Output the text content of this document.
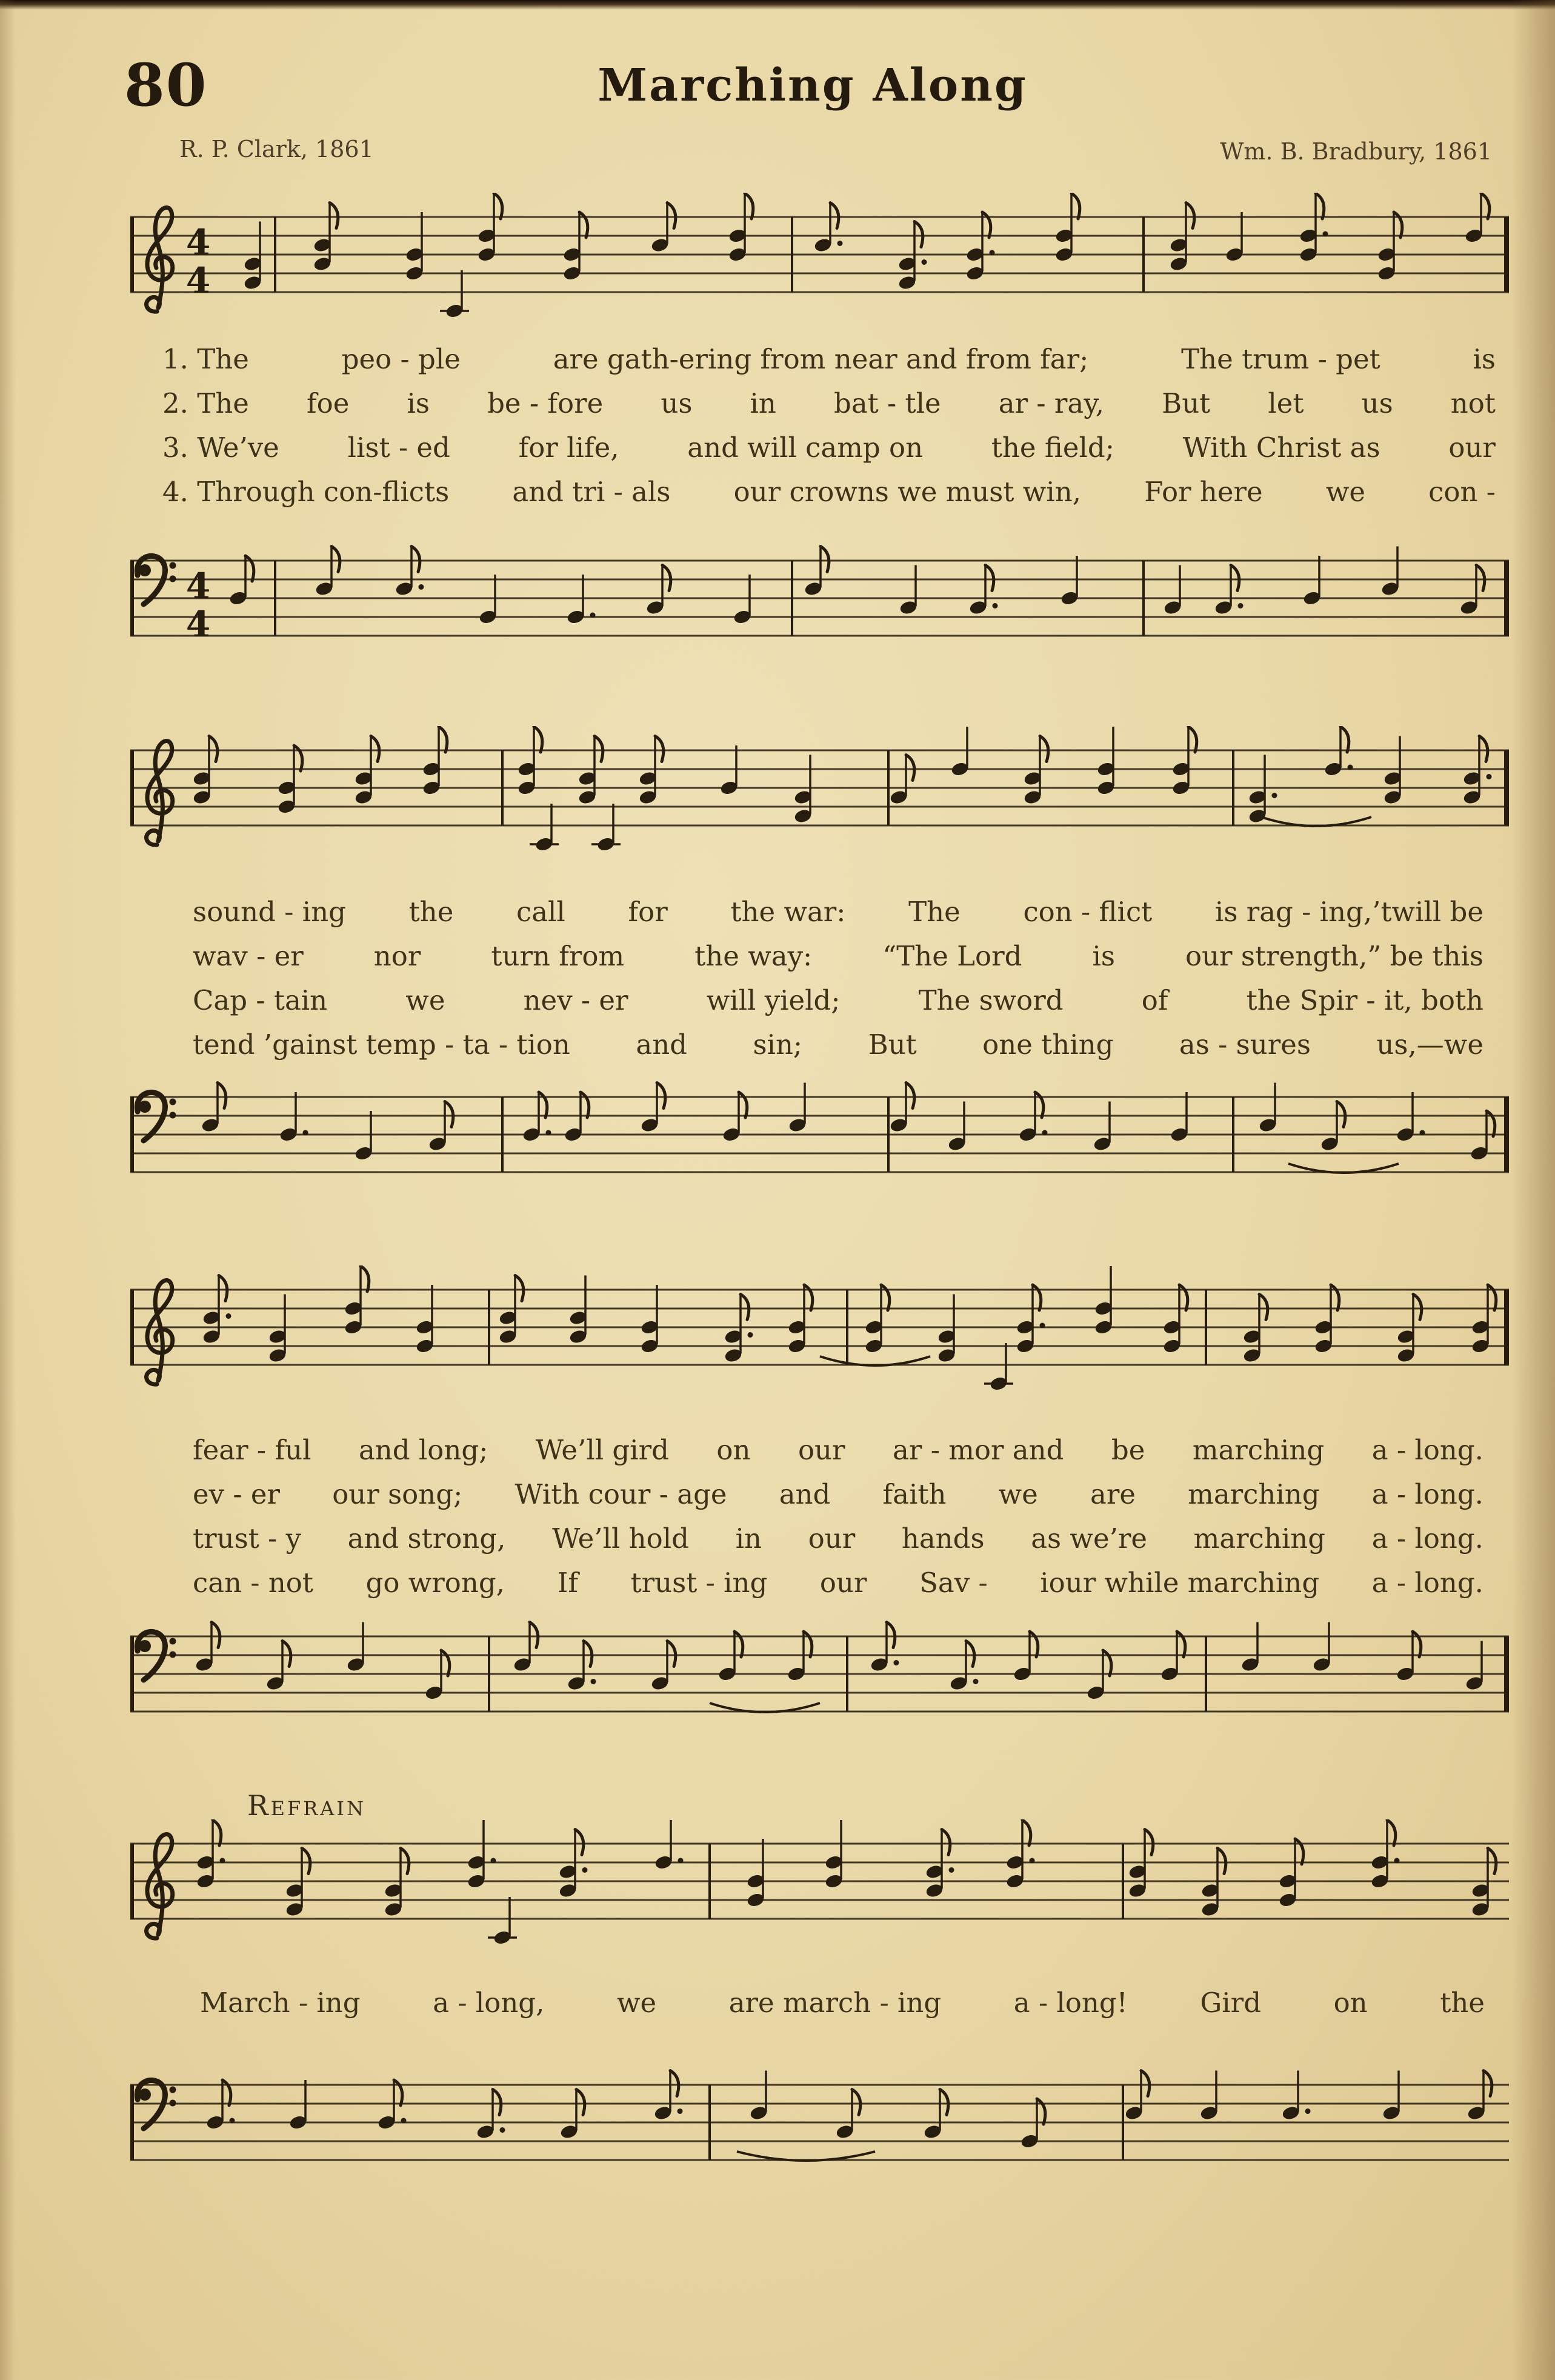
80	Marching Along
R. P. Clark, 1861	Wm. B. Bradbury, 1861
4
4
1. The	peo - ple	are gath-ering from near and from far;	The trum - pet	is
2. The foe is be - fore us in bat - tle ar - ray, But let us not
3. We’ve	list - ed	for life,	and will camp on	the field;	With Christ as	our
4. Through con-flicts and tri - als our crowns we must win, For here we con -
4
4
sound - ing the call for the war: The con - flict is rag - ing,’twill be
wav - er	nor	turn from	the way:	“The Lord	is	our strength,” be this
Cap - tain	we	nev - er	will yield;	The sword	of	the Spir - it, both
tend ’gainst temp - ta - tion and sin; But one thing as - sures us,—we
fear - ful and long; We’ll gird on our ar - mor and be marching a - long.
ev - er our song; With cour - age and faith we are marching a - long.
trust - y and strong, We’ll hold in our hands as we’re marching a - long.
can - not go wrong, If trust - ing our Sav - iour while marching a - long.
Refrain
March - ing	a - long,	we	are march - ing	a - long!	Gird	on	the
